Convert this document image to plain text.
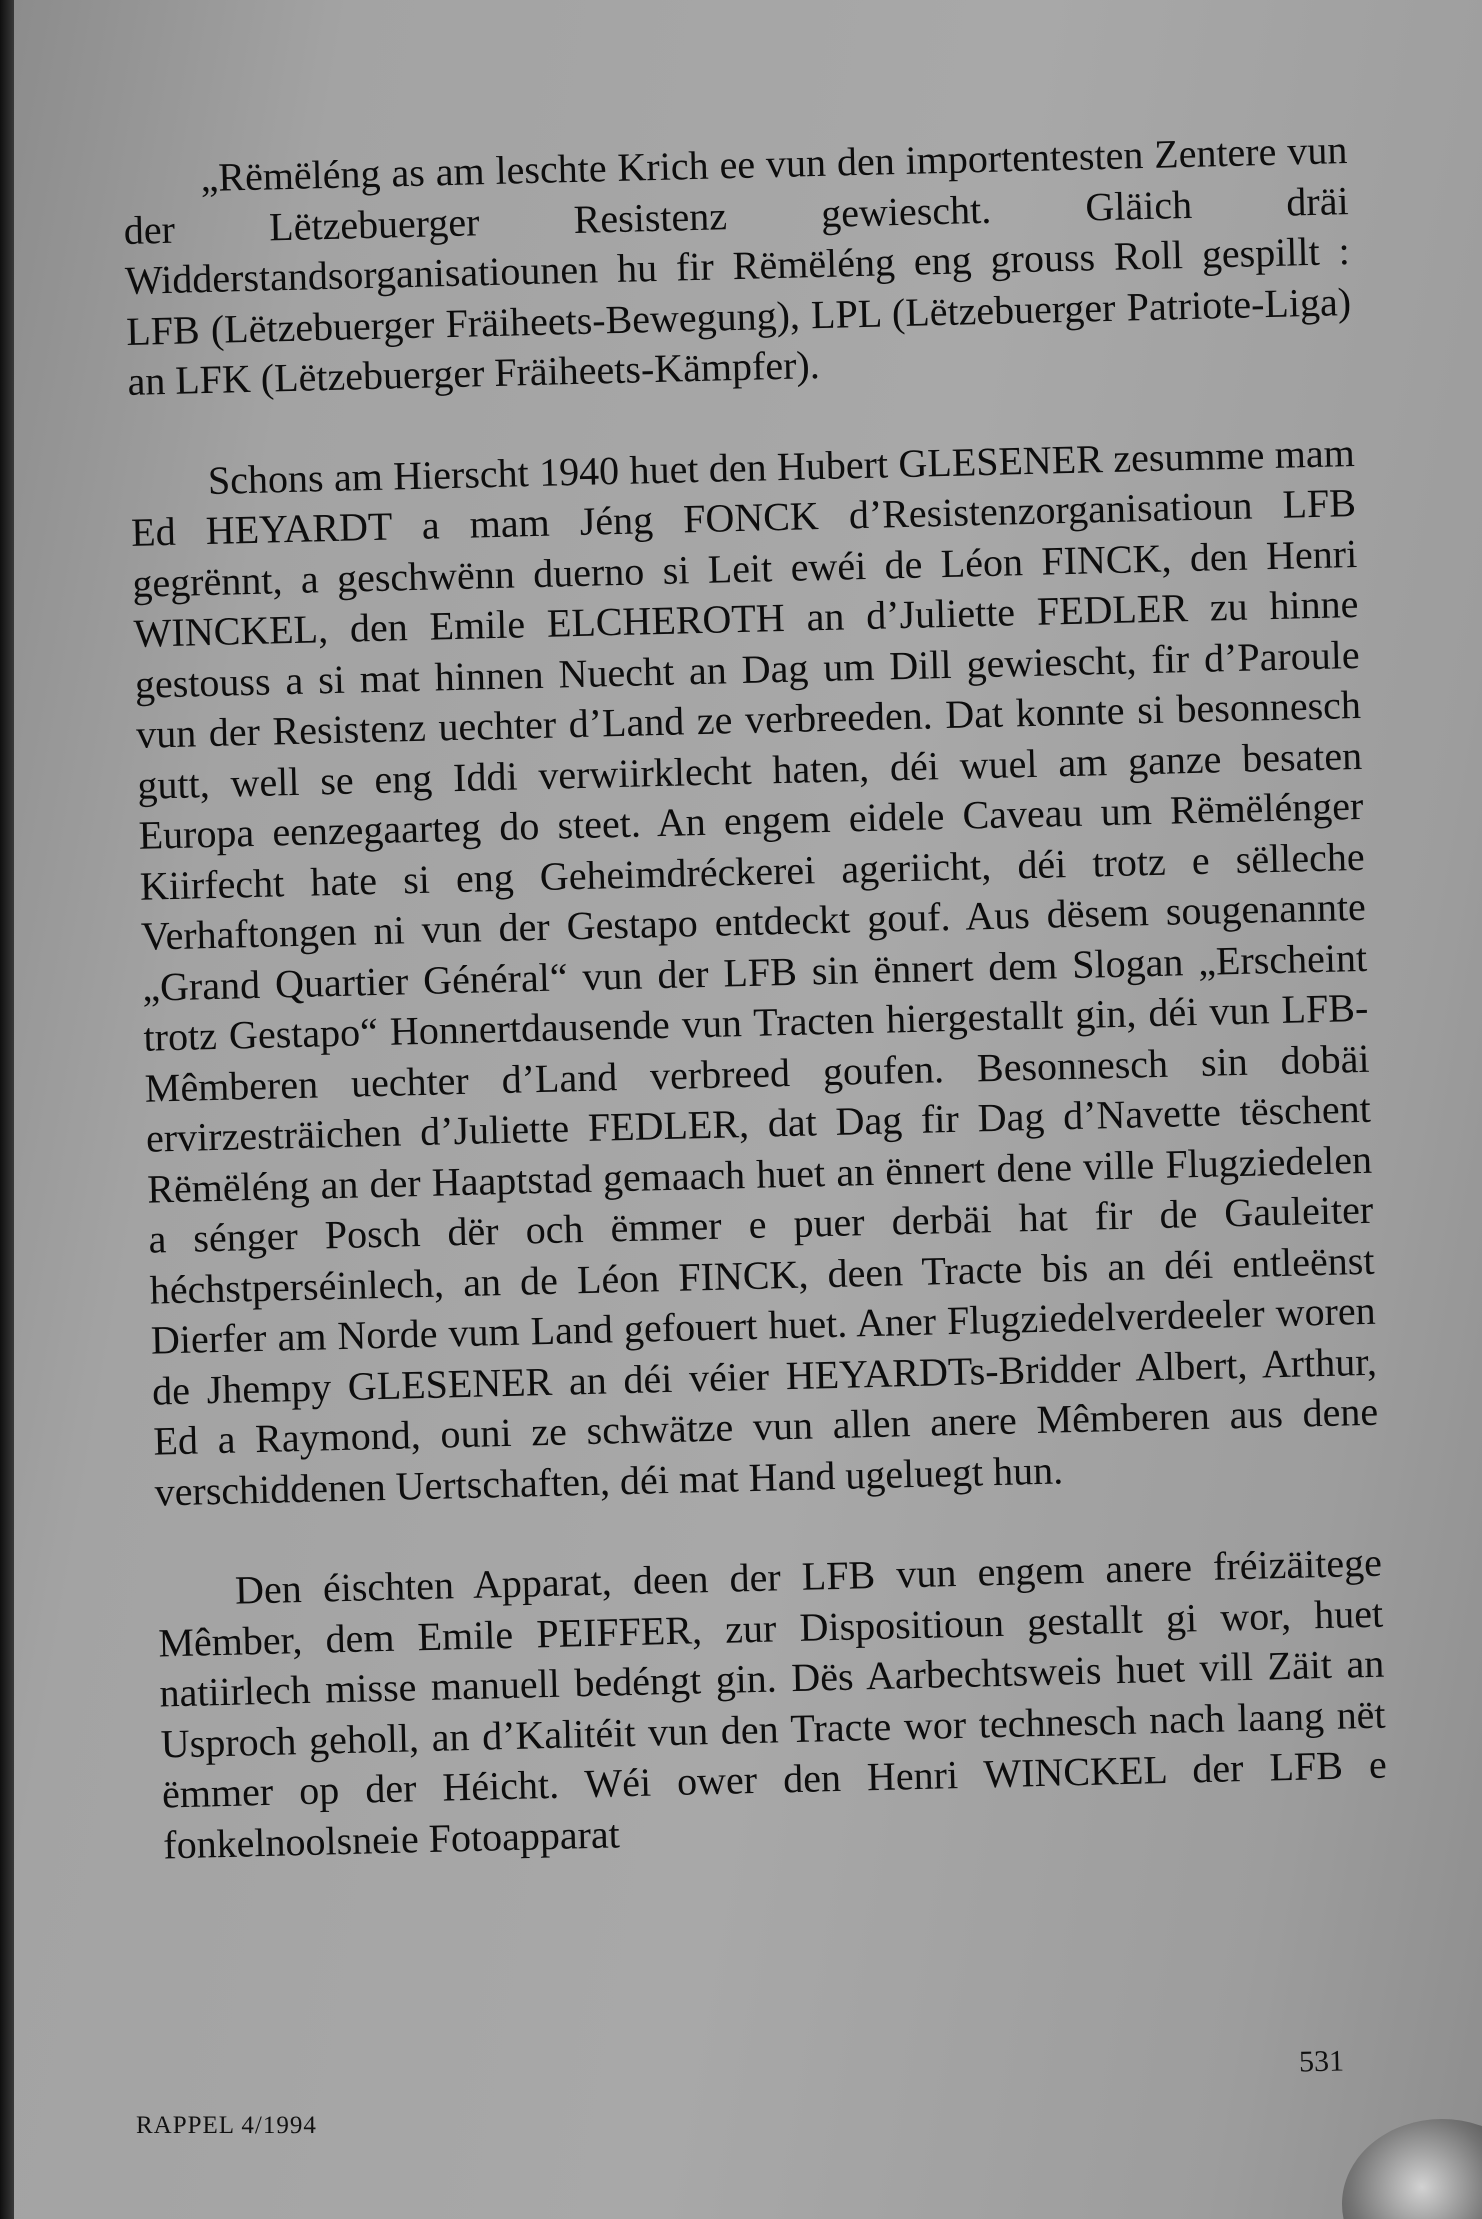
„Rëmëléng as am leschte Krich ee vun den importentesten Zentere vun der Lëtzebuerger Resistenz gewiescht. Gläich dräi Widderstandsorganisatiounen hu fir Rëmëléng eng grouss Roll gespillt : LFB (Lëtzebuerger Fräiheets-Bewegung), LPL (Lëtzebuerger Patriote-Liga) an LFK (Lëtzebuerger Fräiheets-Kämpfer).

Schons am Hierscht 1940 huet den Hubert GLESENER zesumme mam Ed HEYARDT a mam Jéng FONCK d’Resistenzorganisatioun LFB gegrënnt, a geschwënn duerno si Leit ewéi de Léon FINCK, den Henri WINCKEL, den Emile ELCHEROTH an d’Juliette FEDLER zu hinne gestouss a si mat hinnen Nuecht an Dag um Dill gewiescht, fir d’Paroule vun der Resistenz uechter d’Land ze verbreeden. Dat konnte si besonnesch gutt, well se eng Iddi verwiirklecht haten, déi wuel am ganze besaten Europa eenzegaarteg do steet. An engem eidele Caveau um Rëmëlénger Kiirfecht hate si eng Geheimdréckerei ageriicht, déi trotz e sëlleche Verhaftongen ni vun der Gestapo entdeckt gouf. Aus dësem sougenannte „Grand Quartier Général“ vun der LFB sin ënnert dem Slogan „Erscheint trotz Gestapo“ Honnertdausende vun Tracten hiergestallt gin, déi vun LFB-Mêmberen uechter d’Land verbreed goufen. Besonnesch sin dobäi ervirzesträichen d’Juliette FEDLER, dat Dag fir Dag d’Navette tëschent Rëmëléng an der Haaptstad gemaach huet an ënnert dene ville Flugziedelen a sénger Posch dër och ëmmer e puer derbäi hat fir de Gauleiter héchstperséinlech, an de Léon FINCK, deen Tracte bis an déi entleënst Dierfer am Norde vum Land gefouert huet. Aner Flugziedelverdeeler woren de Jhempy GLESENER an déi véier HEYARDTs-Bridder Albert, Arthur, Ed a Raymond, ouni ze schwätze vun allen anere Mêmberen aus dene verschiddenen Uertschaften, déi mat Hand ugeluegt hun.

Den éischten Apparat, deen der LFB vun engem anere fréizäitege Mêmber, dem Emile PEIFFER, zur Dispositioun gestallt gi wor, huet natiirlech misse manuell bedéngt gin. Dës Aarbechtsweis huet vill Zäit an Usproch geholl, an d’Kalitéit vun den Tracte wor technesch nach laang nët ëmmer op der Héicht. Wéi ower den Henri WINCKEL der LFB e fonkelnoolsneie Fotoapparat

531
RAPPEL 4/1994
